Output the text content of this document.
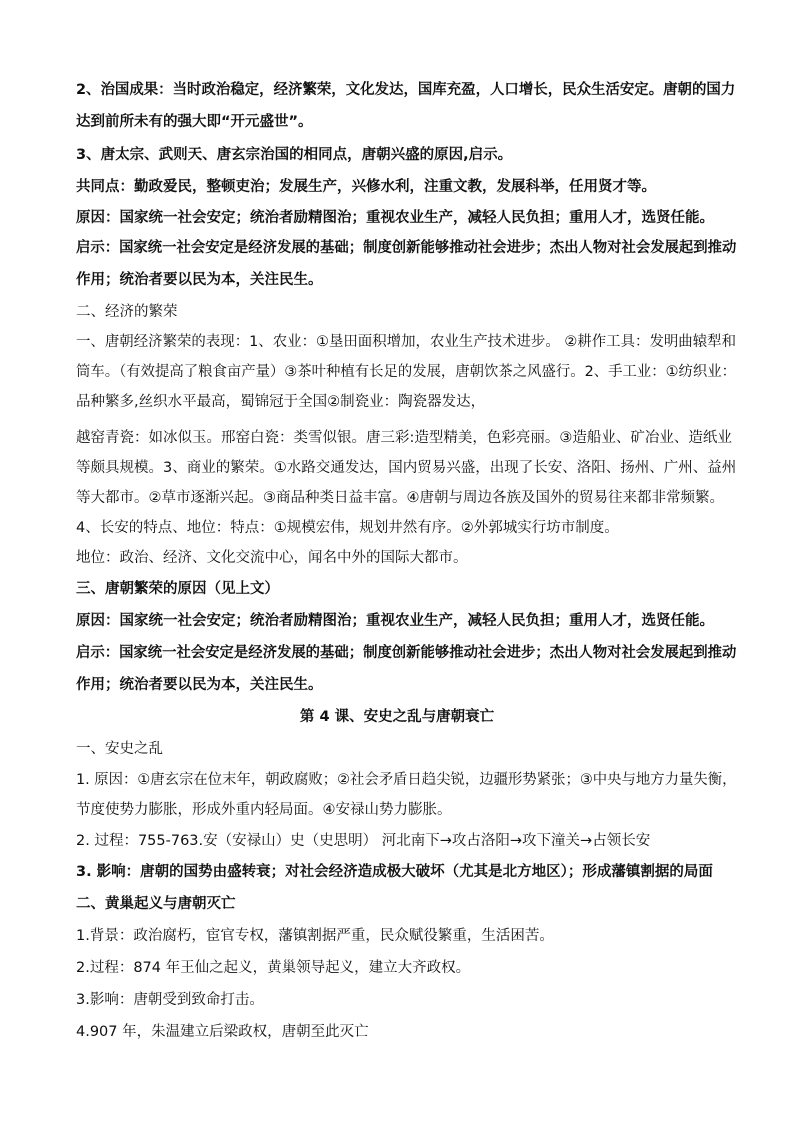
2、治国成果：当时政治稳定，经济繁荣，文化发达，国库充盈，人口增长，民众生活安定。唐朝的国力
达到前所未有的强大即“开元盛世”。
3、唐太宗、武则天、唐玄宗治国的相同点，唐朝兴盛的原因,启示。
共同点：勤政爱民，整顿吏治；发展生产，兴修水利，注重文教，发展科举，任用贤才等。
原因：国家统一社会安定；统治者励精图治；重视农业生产，减轻人民负担；重用人才，选贤任能。
启示：国家统一社会安定是经济发展的基础；制度创新能够推动社会进步；杰出人物对社会发展起到推动
作用；统治者要以民为本，关注民生。
二、经济的繁荣
一、唐朝经济繁荣的表现：1、农业：①垦田面积增加，农业生产技术进步。 ②耕作工具：发明曲辕犁和
筒车。（有效提高了粮食亩产量）③茶叶种植有长足的发展，唐朝饮茶之风盛行。2、手工业：①纺织业：
品种繁多,丝织水平最高，蜀锦冠于全国②制瓷业：陶瓷器发达，
越窑青瓷：如冰似玉。邢窑白瓷：类雪似银。唐三彩:造型精美，色彩亮丽。③造船业、矿冶业、造纸业
等颇具规模。3、商业的繁荣。①水路交通发达，国内贸易兴盛，出现了长安、洛阳、扬州、广州、益州
等大都市。②草市逐渐兴起。③商品种类日益丰富。④唐朝与周边各族及国外的贸易往来都非常频繁。
4、长安的特点、地位：特点：①规模宏伟，规划井然有序。②外郭城实行坊市制度。
地位：政治、经济、文化交流中心，闻名中外的国际大都市。
三、唐朝繁荣的原因（见上文）
原因：国家统一社会安定；统治者励精图治；重视农业生产，减轻人民负担；重用人才，选贤任能。
启示：国家统一社会安定是经济发展的基础；制度创新能够推动社会进步；杰出人物对社会发展起到推动
作用；统治者要以民为本，关注民生。
第 4 课、安史之乱与唐朝衰亡
一、安史之乱
1. 原因：①唐玄宗在位末年，朝政腐败；②社会矛盾日趋尖锐，边疆形势紧张；③中央与地方力量失衡，
节度使势力膨胀，形成外重内轻局面。④安禄山势力膨胀。
2. 过程：755-763.安（安禄山）史（史思明） 河北南下→攻占洛阳→攻下潼关→占领长安
3. 影响：唐朝的国势由盛转衰；对社会经济造成极大破坏（尤其是北方地区）；形成藩镇割据的局面
二、黄巢起义与唐朝灭亡
1.背景：政治腐朽，宦官专权，藩镇割据严重，民众赋役繁重，生活困苦。
2.过程：874 年王仙之起义，黄巢领导起义，建立大齐政权。
3.影响：唐朝受到致命打击。
4.907 年，朱温建立后梁政权，唐朝至此灭亡
